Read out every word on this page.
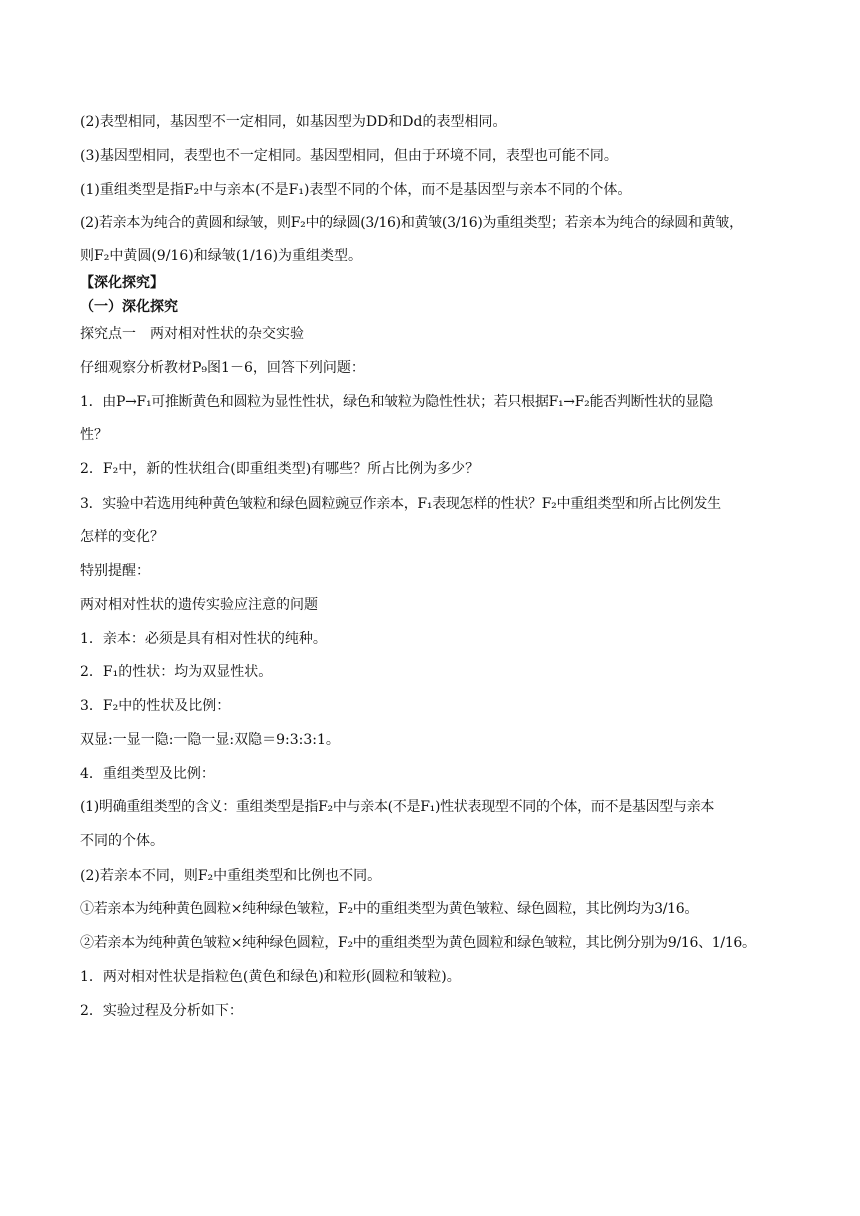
(2)表型相同，基因型不一定相同，如基因型为DD和Dd的表型相同。
(3)基因型相同，表型也不一定相同。基因型相同，但由于环境不同，表型也可能不同。
(1)重组类型是指F₂中与亲本(不是F₁)表型不同的个体，而不是基因型与亲本不同的个体。
(2)若亲本为纯合的黄圆和绿皱，则F₂中的绿圆(3/16)和黄皱(3/16)为重组类型；若亲本为纯合的绿圆和黄皱，
则F₂中黄圆(9/16)和绿皱(1/16)为重组类型。
【深化探究】
（一）深化探究
探究点一　两对相对性状的杂交实验
仔细观察分析教材P₉图1－6，回答下列问题：
1．由P→F₁可推断黄色和圆粒为显性性状，绿色和皱粒为隐性性状；若只根据F₁→F₂能否判断性状的显隐
性？
2．F₂中，新的性状组合(即重组类型)有哪些？所占比例为多少？
3．实验中若选用纯种黄色皱粒和绿色圆粒豌豆作亲本，F₁表现怎样的性状？F₂中重组类型和所占比例发生
怎样的变化？
特别提醒：
两对相对性状的遗传实验应注意的问题
1．亲本：必须是具有相对性状的纯种。
2．F₁的性状：均为双显性状。
3．F₂中的性状及比例：
双显:一显一隐:一隐一显:双隐＝9:3:3:1。
4．重组类型及比例：
(1)明确重组类型的含义：重组类型是指F₂中与亲本(不是F₁)性状表现型不同的个体，而不是基因型与亲本
不同的个体。
(2)若亲本不同，则F₂中重组类型和比例也不同。
①若亲本为纯种黄色圆粒×纯种绿色皱粒，F₂中的重组类型为黄色皱粒、绿色圆粒，其比例均为3/16。
②若亲本为纯种黄色皱粒×纯种绿色圆粒，F₂中的重组类型为黄色圆粒和绿色皱粒，其比例分别为9/16、1/16。
1．两对相对性状是指粒色(黄色和绿色)和粒形(圆粒和皱粒)。
2．实验过程及分析如下：
